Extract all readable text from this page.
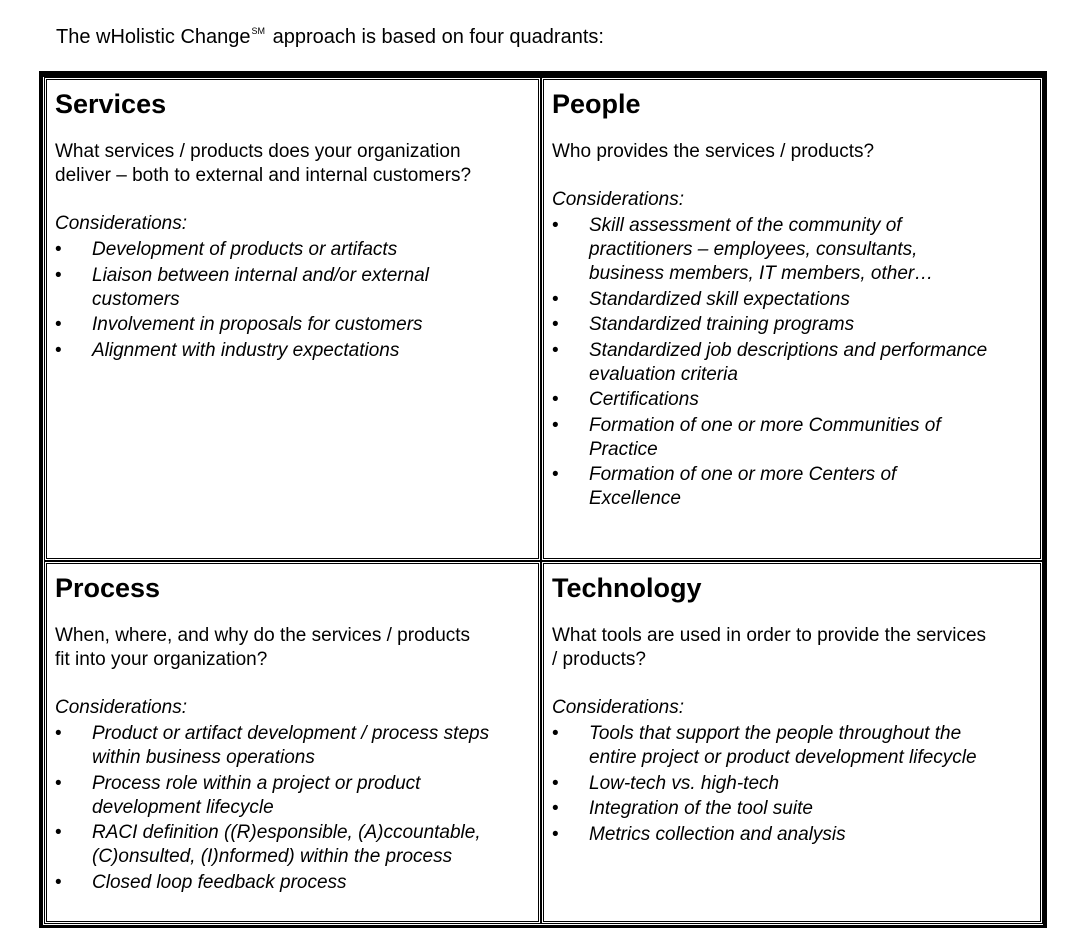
The wHolistic Change℠ approach is based on four quadrants:
Services
What services / products does your organization
deliver – both to external and internal customers?
Considerations:
• Development of products or artifacts
• Liaison between internal and/or external
customers
• Involvement in proposals for customers
• Alignment with industry expectations
People
Who provides the services / products?
Considerations:
• Skill assessment of the community of
practitioners – employees, consultants,
business members, IT members, other…
• Standardized skill expectations
• Standardized training programs
• Standardized job descriptions and performance
evaluation criteria
• Certifications
• Formation of one or more Communities of
Practice
• Formation of one or more Centers of
Excellence
Process
When, where, and why do the services / products
fit into your organization?
Considerations:
• Product or artifact development / process steps
within business operations
• Process role within a project or product
development lifecycle
• RACI definition ((R)esponsible, (A)ccountable,
(C)onsulted, (I)nformed) within the process
• Closed loop feedback process
Technology
What tools are used in order to provide the services
/ products?
Considerations:
• Tools that support the people throughout the
entire project or product development lifecycle
• Low-tech vs. high-tech
• Integration of the tool suite
• Metrics collection and analysis
